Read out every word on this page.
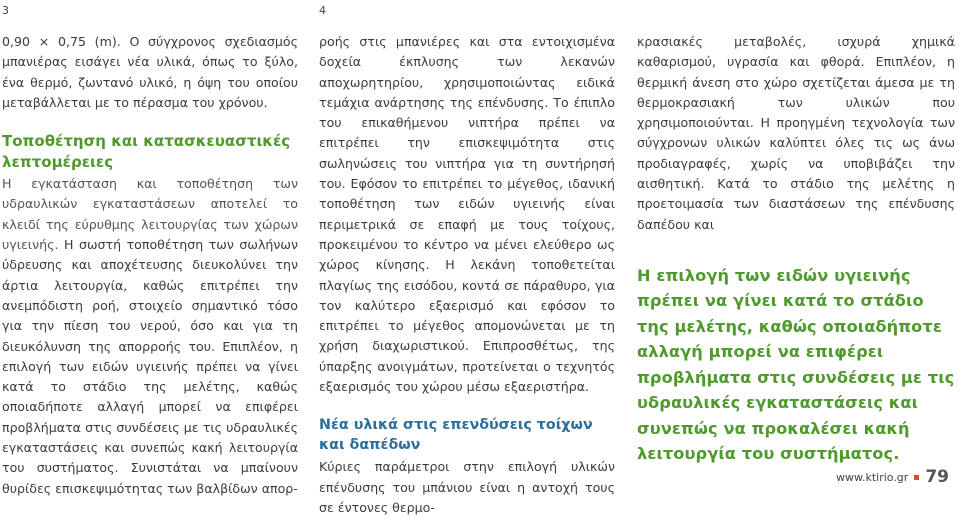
3	4

0,90 × 0,75 (m). Ο σύγχρονος σχεδιασμός μπανιέρας εισάγει νέα υλικά, όπως το ξύλο, ένα θερμό, ζωντανό υλικό, η όψη του οποίου μεταβάλλεται με το πέρασμα του χρόνου.

Τοποθέτηση και κατασκευαστικές λεπτομέρειες

Η εγκατάσταση και τοποθέτηση των υδραυλικών εγκαταστάσεων αποτελεί το κλειδί της εύρυθμης λειτουργίας των χώρων υγιεινής. Η σωστή τοποθέτηση των σωλήνων ύδρευσης και αποχέτευσης διευκολύνει την άρτια λειτουργία, καθώς επιτρέπει την ανεμπόδιστη ροή, στοιχείο σημαντικό τόσο για την πίεση του νερού, όσο και για τη διευκόλυνση της απορροής του. Επιπλέον, η επιλογή των ειδών υγιεινής πρέπει να γίνει κατά το στάδιο της μελέτης, καθώς οποιαδήποτε αλλαγή μπορεί να επιφέρει προβλήματα στις συνδέσεις με τις υδραυλικές εγκαταστάσεις και συνεπώς κακή λειτουργία του συστήματος. Συνιστάται να μπαίνουν θυρίδες επισκεψιμότητας των βαλβίδων απορ-

ροής στις μπανιέρες και στα εντοιχισμένα δοχεία έκπλυσης των λεκανών αποχωρητηρίου, χρησιμοποιώντας ειδικά τεμάχια ανάρτησης της επένδυσης. Το έπιπλο του επικαθήμενου νιπτήρα πρέπει να επιτρέπει την επισκεψιμότητα στις σωληνώσεις του νιπτήρα για τη συντήρησή του. Εφόσον το επιτρέπει το μέγεθος, ιδανική τοποθέτηση των ειδών υγιεινής είναι περιμετρικά σε επαφή με τους τοίχους, προκειμένου το κέντρο να μένει ελεύθερο ως χώρος κίνησης. Η λεκάνη τοποθετείται πλαγίως της εισόδου, κοντά σε πάραθυρο, για τον καλύτερο εξαερισμό και εφόσον το επιτρέπει το μέγεθος απομονώνεται με τη χρήση διαχωριστικού. Επιπροσθέτως, της ύπαρξης ανοιγμάτων, προτείνεται ο τεχνητός εξαερισμός του χώρου μέσω εξαεριστήρα.

Νέα υλικά στις επενδύσεις τοίχων και δαπέδων

Κύριες παράμετροι στην επιλογή υλικών επένδυσης του μπάνιου είναι η αντοχή τους σε έντονες θερμο-

κρασιακές μεταβολές, ισχυρά χημικά καθαρισμού, υγρασία και φθορά. Επιπλέον, η θερμική άνεση στο χώρο σχετίζεται άμεσα με τη θερμοκρασιακή των υλικών που χρησιμοποιούνται. Η προηγμένη τεχνολογία των σύγχρονων υλικών καλύπτει όλες τις ως άνω προδιαγραφές, χωρίς να υποβιβάζει την αισθητική. Κατά το στάδιο της μελέτης η προετοιμασία των διαστάσεων της επένδυσης δαπέδου και

Η επιλογή των ειδών υγιεινής πρέπει να γίνει κατά το στάδιο της μελέτης, καθώς οποιαδήποτε αλλαγή μπορεί να επιφέρει προβλήματα στις συνδέσεις με τις υδραυλικές εγκαταστάσεις και συνεπώς να προκαλέσει κακή λειτουργία του συστήματος.

www.ktirio.gr 79
